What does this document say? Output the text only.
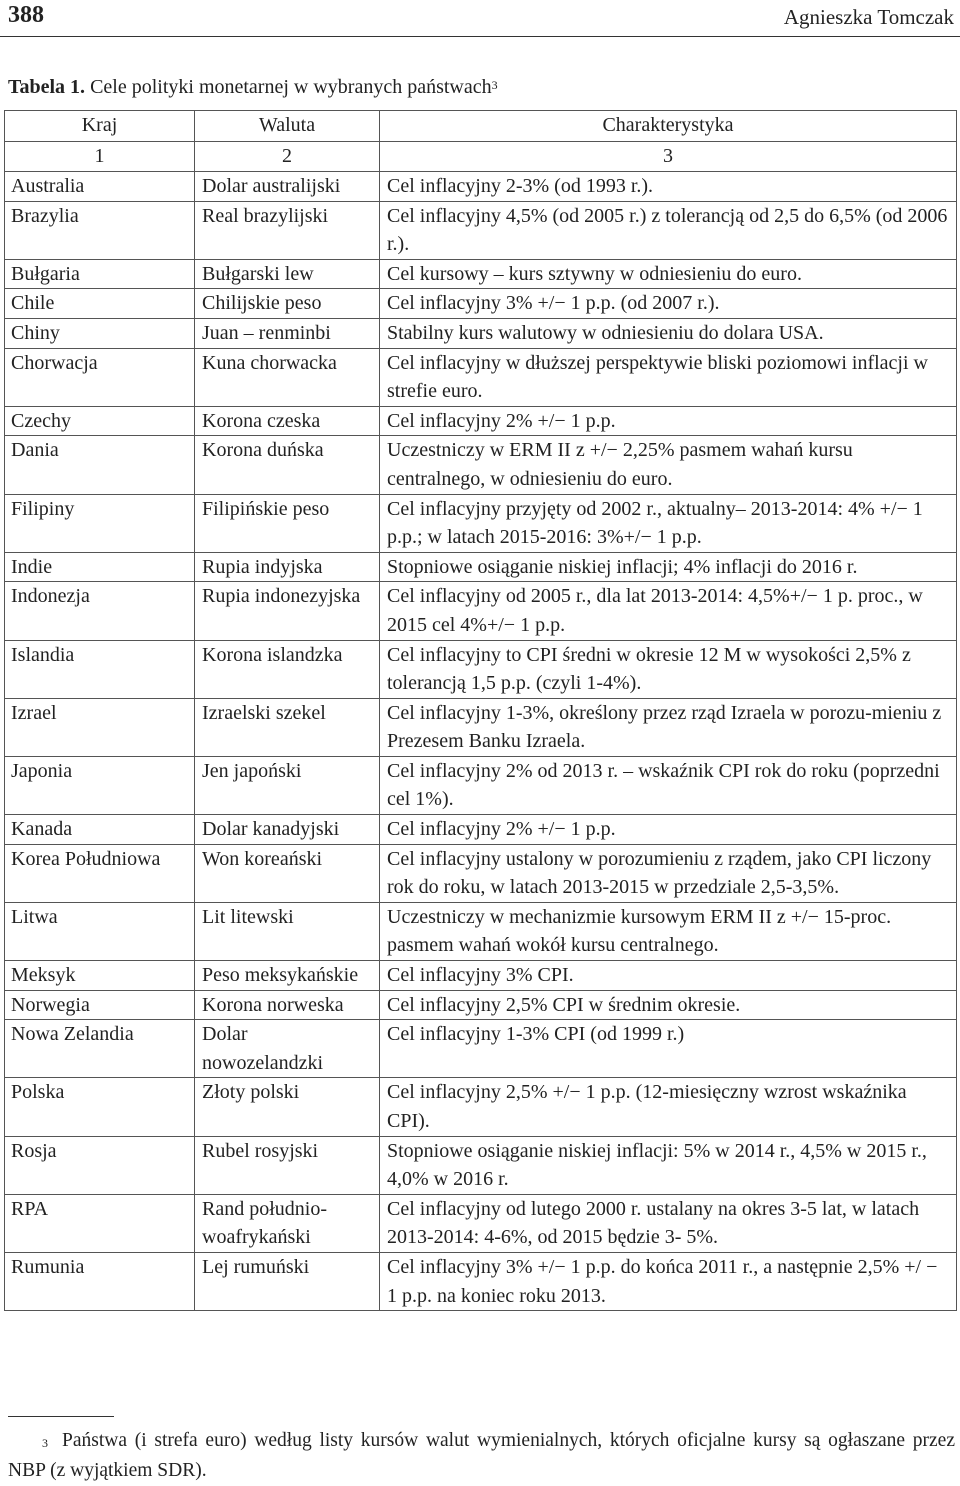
388	Agnieszka Tomczak
Tabela 1. Cele polityki monetarnej w wybranych państwach$^3$
Kraj	Waluta	Charakterystyka
1	2	3
Australia	Dolar australijski	Cel inflacyjny 2-3% (od 1993 r.).
Brazylia	Real brazylijski	Cel inflacyjny 4,5% (od 2005 r.) z tolerancją od 2,5 do 6,5% (od 2006 r.).
Bułgaria	Bułgarski lew	Cel kursowy – kurs sztywny w odniesieniu do euro.
Chile	Chilijskie peso	Cel inflacyjny 3% +/− 1 p.p. (od 2007 r.).
Chiny	Juan – renminbi	Stabilny kurs walutowy w odniesieniu do dolara USA.
Chorwacja	Kuna chorwacka	Cel inflacyjny w dłuższej perspektywie bliski poziomowi inflacji w strefie euro.
Czechy	Korona czeska	Cel inflacyjny 2% +/− 1 p.p.
Dania	Korona duńska	Uczestniczy w ERM II z +/− 2,25% pasmem wahań kursu centralnego, w odniesieniu do euro.
Filipiny	Filipińskie peso	Cel inflacyjny przyjęty od 2002 r., aktualny– 2013-2014: 4% +/− 1 p.p.; w latach 2015-2016: 3%+/− 1 p.p.
Indie	Rupia indyjska	Stopniowe osiąganie niskiej inflacji; 4% inflacji do 2016 r.
Indonezja	Rupia indonezyjska	Cel inflacyjny od 2005 r., dla lat 2013-2014: 4,5%+/− 1 p. proc., w 2015 cel 4%+/− 1 p.p.
Islandia	Korona islandzka	Cel inflacyjny to CPI średni w okresie 12 M w wysokości 2,5% z tolerancją 1,5 p.p. (czyli 1-4%).
Izrael	Izraelski szekel	Cel inflacyjny 1-3%, określony przez rząd Izraela w porozu-mieniu z Prezesem Banku Izraela.
Japonia	Jen japoński	Cel inflacyjny 2% od 2013 r. – wskaźnik CPI rok do roku (poprzedni cel 1%).
Kanada	Dolar kanadyjski	Cel inflacyjny 2% +/− 1 p.p.
Korea Południowa	Won koreański	Cel inflacyjny ustalony w porozumieniu z rządem, jako CPI liczony rok do roku, w latach 2013-2015 w przedziale 2,5-3,5%.
Litwa	Lit litewski	Uczestniczy w mechanizmie kursowym ERM II z +/− 15-proc. pasmem wahań wokół kursu centralnego.
Meksyk	Peso meksykańskie	Cel inflacyjny 3% CPI.
Norwegia	Korona norweska	Cel inflacyjny 2,5% CPI w średnim okresie.
Nowa Zelandia	Dolar nowozelandzki	Cel inflacyjny 1-3% CPI (od 1999 r.)
Polska	Złoty polski	Cel inflacyjny 2,5% +/− 1 p.p. (12-miesięczny wzrost wskaźnika CPI).
Rosja	Rubel rosyjski	Stopniowe osiąganie niskiej inflacji: 5% w 2014 r., 4,5% w 2015 r., 4,0% w 2016 r.
RPA	Rand południo-woafrykański	Cel inflacyjny od lutego 2000 r. ustalany na okres 3-5 lat, w latach 2013-2014: 4-6%, od 2015 będzie 3- 5%.
Rumunia	Lej rumuński	Cel inflacyjny 3% +/− 1 p.p. do końca 2011 r., a następnie 2,5% +/ − 1 p.p. na koniec roku 2013.
$^3$ Państwa (i strefa euro) według listy kursów walut wymienialnych, których oficjalne kursy są ogłaszane przez NBP (z wyjątkiem SDR).
